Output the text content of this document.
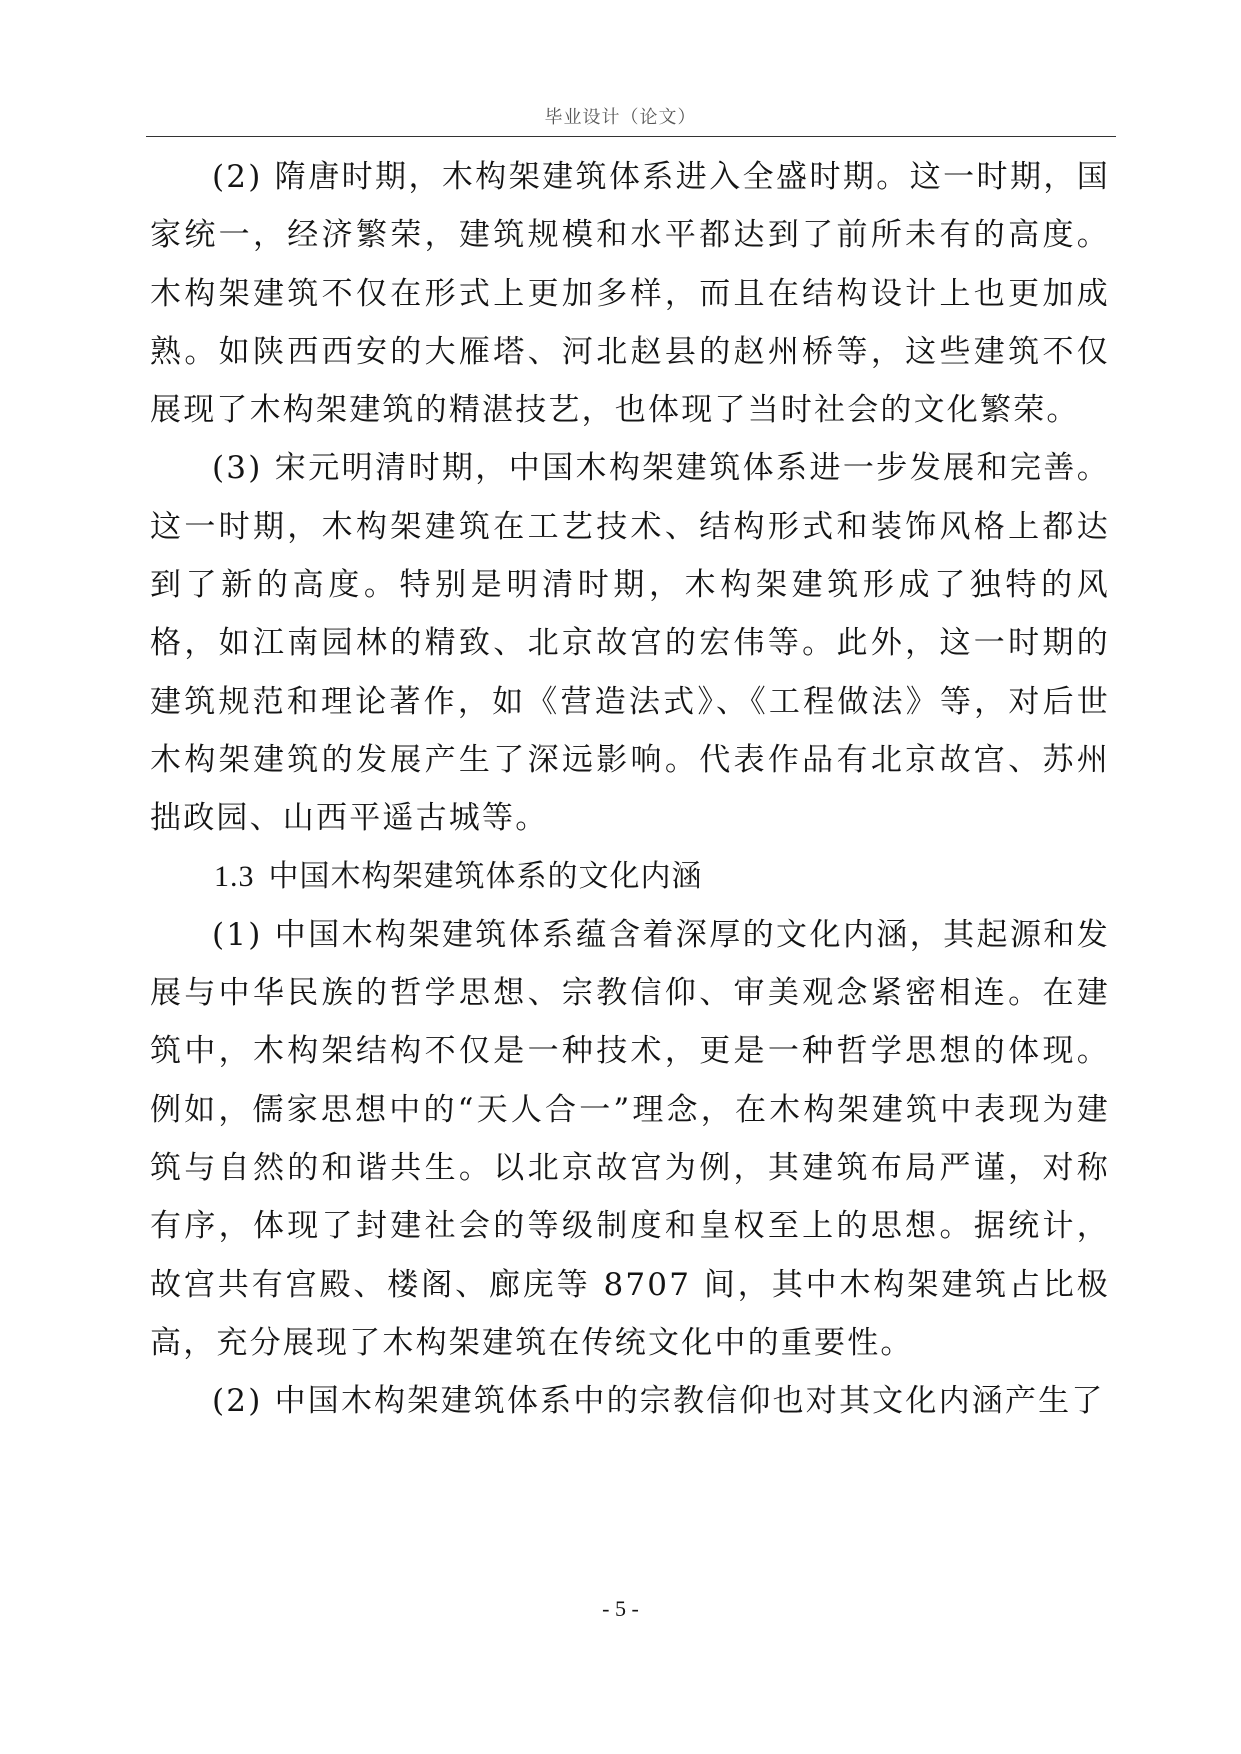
毕业设计（论文）

(2) 隋唐时期，木构架建筑体系进入全盛时期。这一时期，国家统一，经济繁荣，建筑规模和水平都达到了前所未有的高度。木构架建筑不仅在形式上更加多样，而且在结构设计上也更加成熟。如陕西西安的大雁塔、河北赵县的赵州桥等，这些建筑不仅展现了木构架建筑的精湛技艺，也体现了当时社会的文化繁荣。

(3) 宋元明清时期，中国木构架建筑体系进一步发展和完善。这一时期，木构架建筑在工艺技术、结构形式和装饰风格上都达到了新的高度。特别是明清时期，木构架建筑形成了独特的风格，如江南园林的精致、北京故宫的宏伟等。此外，这一时期的建筑规范和理论著作，如《营造法式》、《工程做法》等，对后世木构架建筑的发展产生了深远影响。代表作品有北京故宫、苏州拙政园、山西平遥古城等。

1.3 中国木构架建筑体系的文化内涵

(1) 中国木构架建筑体系蕴含着深厚的文化内涵，其起源和发展与中华民族的哲学思想、宗教信仰、审美观念紧密相连。在建筑中，木构架结构不仅是一种技术，更是一种哲学思想的体现。例如，儒家思想中的“天人合一”理念，在木构架建筑中表现为建筑与自然的和谐共生。以北京故宫为例，其建筑布局严谨，对称有序，体现了封建社会的等级制度和皇权至上的思想。据统计，故宫共有宫殿、楼阁、廊庑等 8707 间，其中木构架建筑占比极高，充分展现了木构架建筑在传统文化中的重要性。

(2) 中国木构架建筑体系中的宗教信仰也对其文化内涵产生了

- 5 -
